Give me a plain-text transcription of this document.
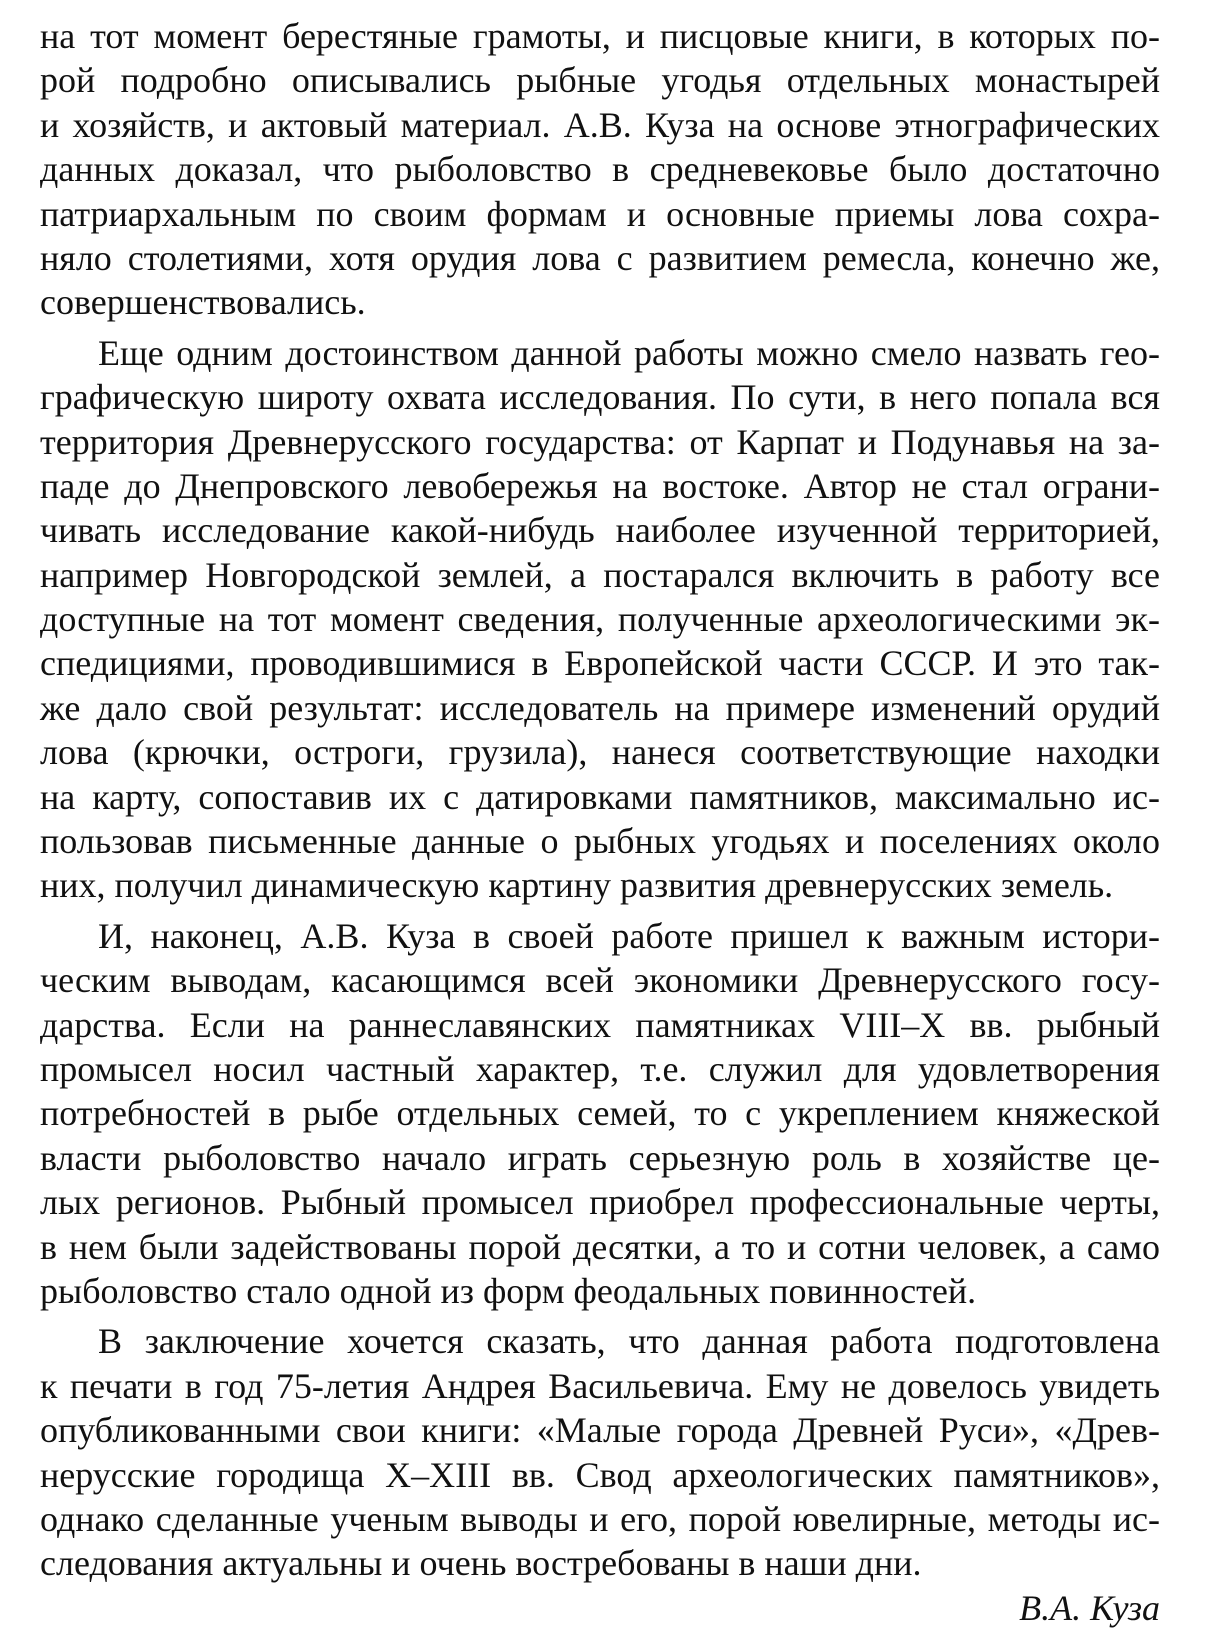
на тот момент берестяные грамоты, и писцовые книги, в которых по-
рой подробно описывались рыбные угодья отдельных монастырей
и хозяйств, и актовый материал. А.В. Куза на основе этнографических
данных доказал, что рыболовство в средневековье было достаточно
патриархальным по своим формам и основные приемы лова сохра-
няло столетиями, хотя орудия лова с развитием ремесла, конечно же,
совершенствовались.
Еще одним достоинством данной работы можно смело назвать гео-
графическую широту охвата исследования. По сути, в него попала вся
территория Древнерусского государства: от Карпат и Подунавья на за-
паде до Днепровского левобережья на востоке. Автор не стал ограни-
чивать исследование какой-нибудь наиболее изученной территорией,
например Новгородской землей, а постарался включить в работу все
доступные на тот момент сведения, полученные археологическими эк-
спедициями, проводившимися в Европейской части СССР. И это так-
же дало свой результат: исследователь на примере изменений орудий
лова (крючки, остроги, грузила), нанеся соответствующие находки
на карту, сопоставив их с датировками памятников, максимально ис-
пользовав письменные данные о рыбных угодьях и поселениях около
них, получил динамическую картину развития древнерусских земель.
И, наконец, А.В. Куза в своей работе пришел к важным истори-
ческим выводам, касающимся всей экономики Древнерусского госу-
дарства. Если на раннеславянских памятниках VIII–X вв. рыбный
промысел носил частный характер, т.е. служил для удовлетворения
потребностей в рыбе отдельных семей, то с укреплением княжеской
власти рыболовство начало играть серьезную роль в хозяйстве це-
лых регионов. Рыбный промысел приобрел профессиональные черты,
в нем были задействованы порой десятки, а то и сотни человек, а само
рыболовство стало одной из форм феодальных повинностей.
В заключение хочется сказать, что данная работа подготовлена
к печати в год 75-летия Андрея Васильевича. Ему не довелось увидеть
опубликованными свои книги: «Малые города Древней Руси», «Древ-
нерусские городища X–XIII вв. Свод археологических памятников»,
однако сделанные ученым выводы и его, порой ювелирные, методы ис-
следования актуальны и очень востребованы в наши дни.
В.А. Куза
